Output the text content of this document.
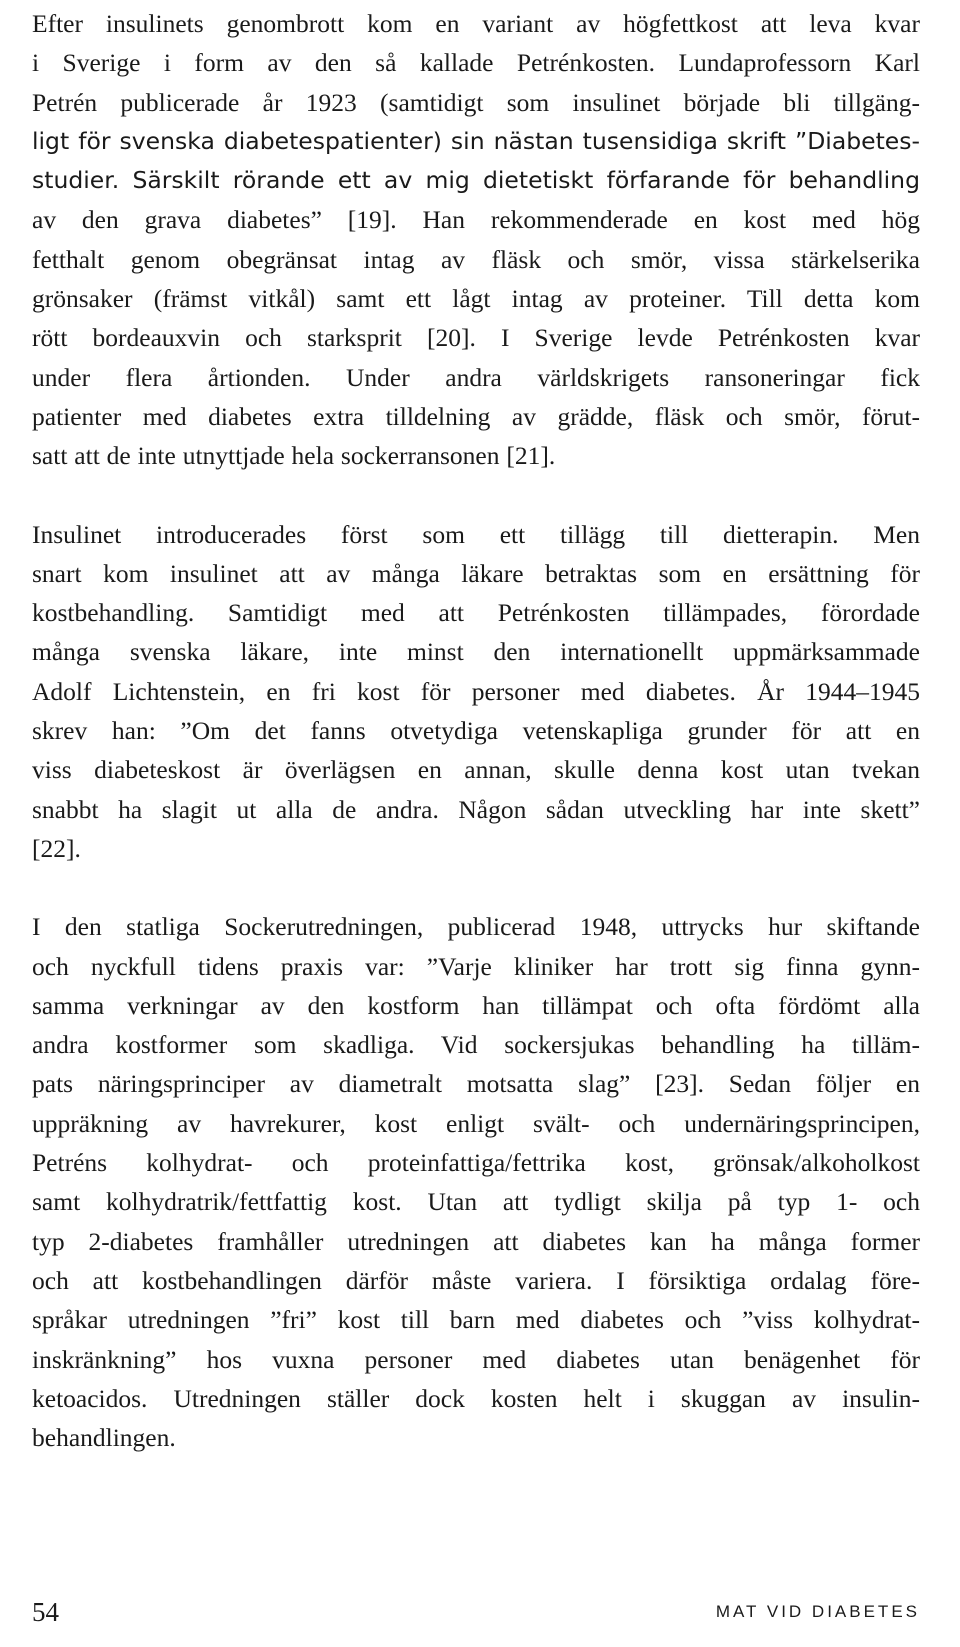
Efter insulinets genombrott kom en variant av högfettkost att leva kvar
i Sverige i form av den så kallade Petrénkosten. Lundaprofessorn Karl
Petrén publicerade år 1923 (samtidigt som insulinet började bli tillgäng-
ligt för svenska diabetespatienter) sin nästan tusensidiga skrift ”Diabetes-
studier. Särskilt rörande ett av mig dietetiskt förfarande för behandling
av den grava diabetes” [19]. Han rekommenderade en kost med hög
fetthalt genom obegränsat intag av fläsk och smör, vissa stärkelserika
grönsaker (främst vitkål) samt ett lågt intag av proteiner. Till detta kom
rött bordeauxvin och starksprit [20]. I Sverige levde Petrénkosten kvar
under flera årtionden. Under andra världskrigets ransoneringar fick
patienter med diabetes extra tilldelning av grädde, fläsk och smör, förut-
satt att de inte utnyttjade hela sockerransonen [21].
Insulinet introducerades först som ett tillägg till dietterapin. Men
snart kom insulinet att av många läkare betraktas som en ersättning för
kostbehandling. Samtidigt med att Petrénkosten tillämpades, förordade
många svenska läkare, inte minst den internationellt uppmärksammade
Adolf Lichtenstein, en fri kost för personer med diabetes. År 1944–1945
skrev han: ”Om det fanns otvetydiga vetenskapliga grunder för att en
viss diabeteskost är överlägsen en annan, skulle denna kost utan tvekan
snabbt ha slagit ut alla de andra. Någon sådan utveckling har inte skett”
[22].
I den statliga Sockerutredningen, publicerad 1948, uttrycks hur skiftande
och nyckfull tidens praxis var: ”Varje kliniker har trott sig finna gynn-
samma verkningar av den kostform han tillämpat och ofta fördömt alla
andra kostformer som skadliga. Vid sockersjukas behandling ha tilläm-
pats näringsprinciper av diametralt motsatta slag” [23]. Sedan följer en
uppräkning av havrekurer, kost enligt svält- och undernäringsprincipen,
Petréns kolhydrat- och proteinfattiga/fettrika kost, grönsak/alkoholkost
samt kolhydratrik/fettfattig kost. Utan att tydligt skilja på typ 1- och
typ 2-diabetes framhåller utredningen att diabetes kan ha många former
och att kostbehandlingen därför måste variera. I försiktiga ordalag före-
språkar utredningen ”fri” kost till barn med diabetes och ”viss kolhydrat-
inskränkning” hos vuxna personer med diabetes utan benägenhet för
ketoacidos. Utredningen ställer dock kosten helt i skuggan av insulin-
behandlingen.
54	MAT VID DIABETES
